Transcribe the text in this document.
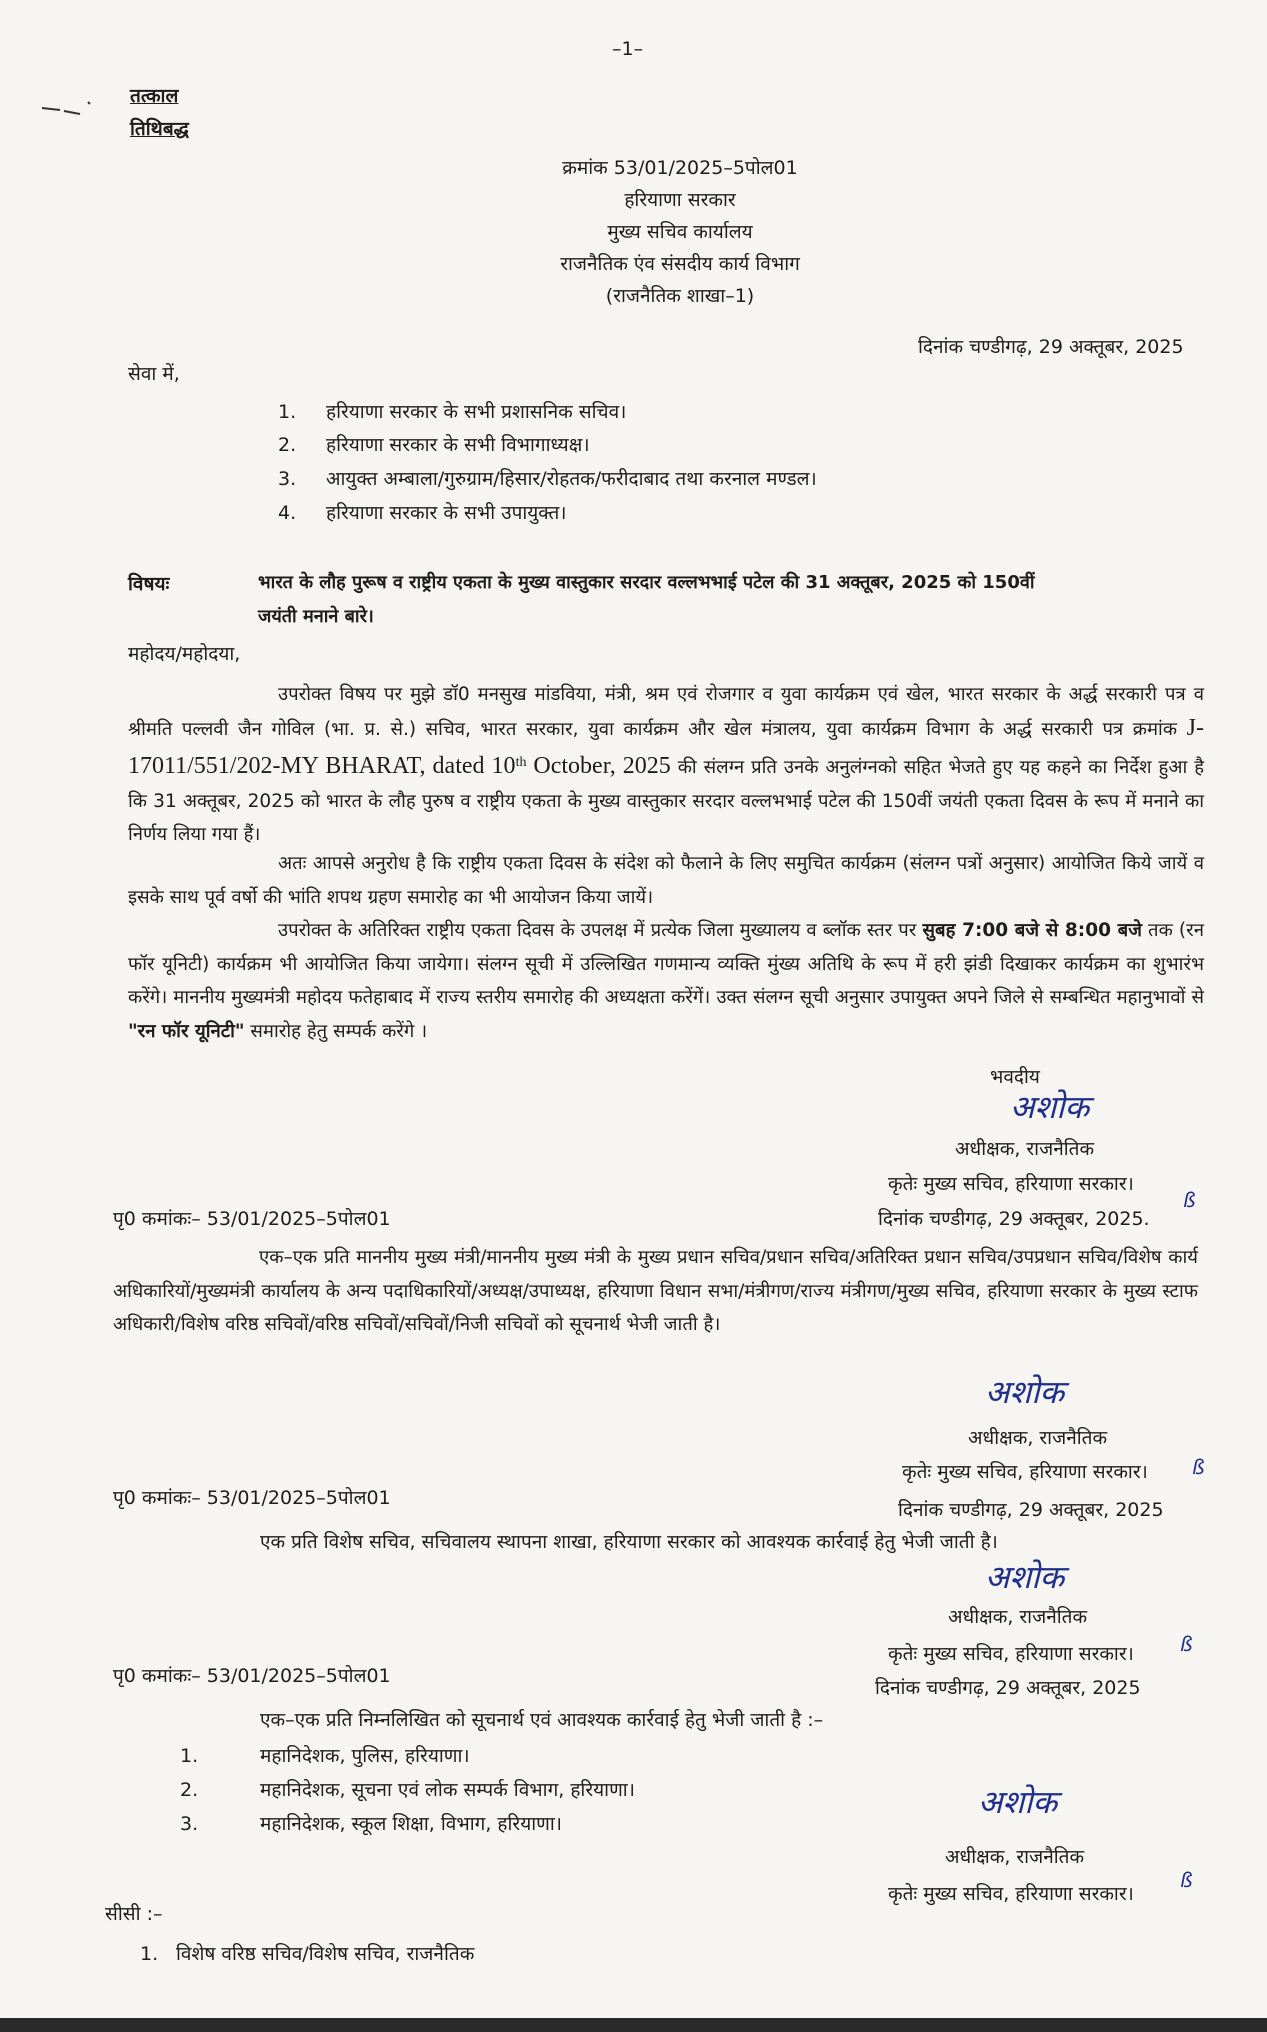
–1–
तत्काल
तिथिबद्ध
क्रमांक 53/01/2025–5पोल01
हरियाणा सरकार
मुख्य सचिव कार्यालय
राजनैतिक एंव संसदीय कार्य विभाग
(राजनैतिक शाखा–1)
दिनांक चण्डीगढ़, 29 अक्तूबर, 2025
सेवा में,
1. हरियाणा सरकार के सभी प्रशासनिक सचिव।
2. हरियाणा सरकार के सभी विभागाध्यक्ष।
3. आयुक्त अम्बाला/गुरुग्राम/हिसार/रोहतक/फरीदाबाद तथा करनाल मण्डल।
4. हरियाणा सरकार के सभी उपायुक्त।
विषयः	भारत के लौह पुरूष व राष्ट्रीय एकता के मुख्य वास्तुकार सरदार वल्लभभाई पटेल की 31 अक्तूबर, 2025 को 150वीं
जयंती मनाने बारे।
महोदय/महोदया,
उपरोक्त विषय पर मुझे डॉ0 मनसुख मांडविया, मंत्री, श्रम एवं रोजगार व युवा कार्यक्रम एवं खेल, भारत सरकार के अर्द्ध सरकारी पत्र व श्रीमति पल्लवी जैन गोविल (भा. प्र. से.) सचिव, भारत सरकार, युवा कार्यक्रम और खेल मंत्रालय, युवा कार्यक्रम विभाग के अर्द्ध सरकारी पत्र क्रमांक J-17011/551/202-MY BHARAT, dated 10th October, 2025 की संलग्न प्रति उनके अनुलंग्नको सहित भेजते हुए यह कहने का निर्देश हुआ है कि 31 अक्तूबर, 2025 को भारत के लौह पुरुष व राष्ट्रीय एकता के मुख्य वास्तुकार सरदार वल्लभभाई पटेल की 150वीं जयंती एकता दिवस के रूप में मनाने का निर्णय लिया गया हैं।
अतः आपसे अनुरोध है कि राष्ट्रीय एकता दिवस के संदेश को फैलाने के लिए समुचित कार्यक्रम (संलग्न पत्रों अनुसार) आयोजित किये जायें व इसके साथ पूर्व वर्षो की भांति शपथ ग्रहण समारोह का भी आयोजन किया जायें।
उपरोक्त के अतिरिक्त राष्ट्रीय एकता दिवस के उपलक्ष में प्रत्येक जिला मुख्यालय व ब्लॉक स्तर पर सुबह 7:00 बजे से 8:00 बजे तक (रन फॉर यूनिटी) कार्यक्रम भी आयोजित किया जायेगा। संलग्न सूची में उल्लिखित गणमान्य व्यक्ति मुंख्य अतिथि के रूप में हरी झंडी दिखाकर कार्यक्रम का शुभारंभ करेंगे। माननीय मुख्यमंत्री महोदय फतेहाबाद में राज्य स्तरीय समारोह की अध्यक्षता करेंगें। उक्त संलग्न सूची अनुसार उपायुक्त अपने जिले से सम्बन्धित महानुभावों से "रन फॉर यूनिटी" समारोह हेतु सम्पर्क करेंगे ।
भवदीय
अशोक
अधीक्षक, राजनैतिक
कृतेः मुख्य सचिव, हरियाणा सरकार।
ß
पृ0 कमांकः– 53/01/2025–5पोल01	दिनांक चण्डीगढ़, 29 अक्तूबर, 2025.
एक–एक प्रति माननीय मुख्य मंत्री/माननीय मुख्य मंत्री के मुख्य प्रधान सचिव/प्रधान सचिव/अतिरिक्त प्रधान सचिव/उपप्रधान सचिव/विशेष कार्य अधिकारियों/मुख्यमंत्री कार्यालय के अन्य पदाधिकारियों/अध्यक्ष/उपाध्यक्ष, हरियाणा विधान सभा/मंत्रीगण/राज्य मंत्रीगण/मुख्य सचिव, हरियाणा सरकार के मुख्य स्टाफ अधिकारी/विशेष वरिष्ठ सचिवों/वरिष्ठ सचिवों/सचिवों/निजी सचिवों को सूचनार्थ भेजी जाती है।
अशोक
अधीक्षक, राजनैतिक
कृतेः मुख्य सचिव, हरियाणा सरकार। ß
पृ0 कमांकः– 53/01/2025–5पोल01
दिनांक चण्डीगढ़, 29 अक्तूबर, 2025
एक प्रति विशेष सचिव, सचिवालय स्थापना शाखा, हरियाणा सरकार को आवश्यक कार्रवाई हेतु भेजी जाती है।
अशोक
अधीक्षक, राजनैतिक
कृतेः मुख्य सचिव, हरियाणा सरकार। ß
पृ0 कमांकः– 53/01/2025–5पोल01
दिनांक चण्डीगढ़, 29 अक्तूबर, 2025
एक–एक प्रति निम्नलिखित को सूचनार्थ एवं आवश्यक कार्रवाई हेतु भेजी जाती है :–
1.	महानिदेशक, पुलिस, हरियाणा।
2.	महानिदेशक, सूचना एवं लोक सम्पर्क विभाग, हरियाणा।
3.	महानिदेशक, स्कूल शिक्षा, विभाग, हरियाणा।
अशोक
अधीक्षक, राजनैतिक
कृतेः मुख्य सचिव, हरियाणा सरकार।
ß
सीसी :–
1. विशेष वरिष्ठ सचिव/विशेष सचिव, राजनैतिक
